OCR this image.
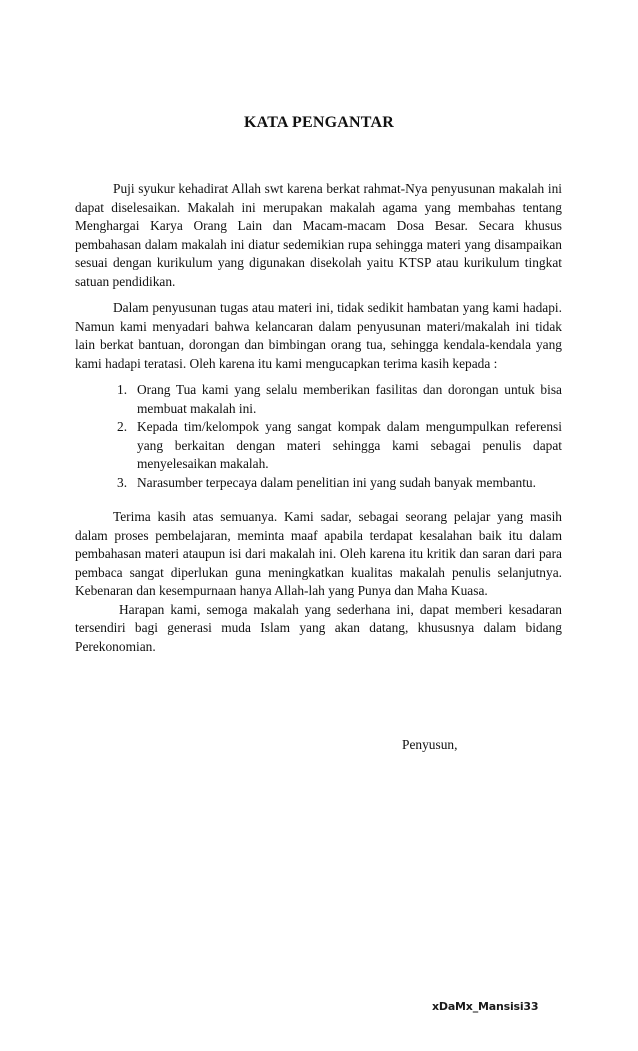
KATA PENGANTAR

Puji syukur kehadirat Allah swt karena berkat rahmat-Nya penyusunan makalah ini dapat diselesaikan. Makalah ini merupakan makalah agama yang membahas tentang Menghargai Karya Orang Lain dan Macam-macam Dosa Besar. Secara khusus pembahasan dalam makalah ini diatur sedemikian rupa sehingga materi yang disampaikan sesuai dengan kurikulum yang digunakan disekolah yaitu KTSP atau kurikulum tingkat satuan pendidikan.

Dalam penyusunan tugas atau materi ini, tidak sedikit hambatan yang kami hadapi. Namun kami menyadari bahwa kelancaran dalam penyusunan materi/makalah ini tidak lain berkat bantuan, dorongan dan bimbingan orang tua, sehingga kendala-kendala yang kami hadapi teratasi. Oleh karena itu kami mengucapkan terima kasih kepada :

1. Orang Tua kami yang selalu memberikan fasilitas dan dorongan untuk bisa membuat makalah ini.
2. Kepada tim/kelompok yang sangat kompak dalam mengumpulkan referensi yang berkaitan dengan materi sehingga kami sebagai penulis dapat menyelesaikan makalah.
3. Narasumber terpecaya dalam penelitian ini yang sudah banyak membantu.

Terima kasih atas semuanya. Kami sadar, sebagai seorang pelajar yang masih dalam proses pembelajaran, meminta maaf apabila terdapat kesalahan baik itu dalam pembahasan materi ataupun isi dari makalah ini. Oleh karena itu kritik dan saran dari para pembaca sangat diperlukan guna meningkatkan kualitas makalah penulis selanjutnya. Kebenaran dan kesempurnaan hanya Allah-lah yang Punya dan Maha Kuasa.

Harapan kami, semoga makalah yang sederhana ini, dapat memberi kesadaran tersendiri bagi generasi muda Islam yang akan datang, khususnya dalam bidang Perekonomian.

Penyusun,
xDaMx_Mansisi33
